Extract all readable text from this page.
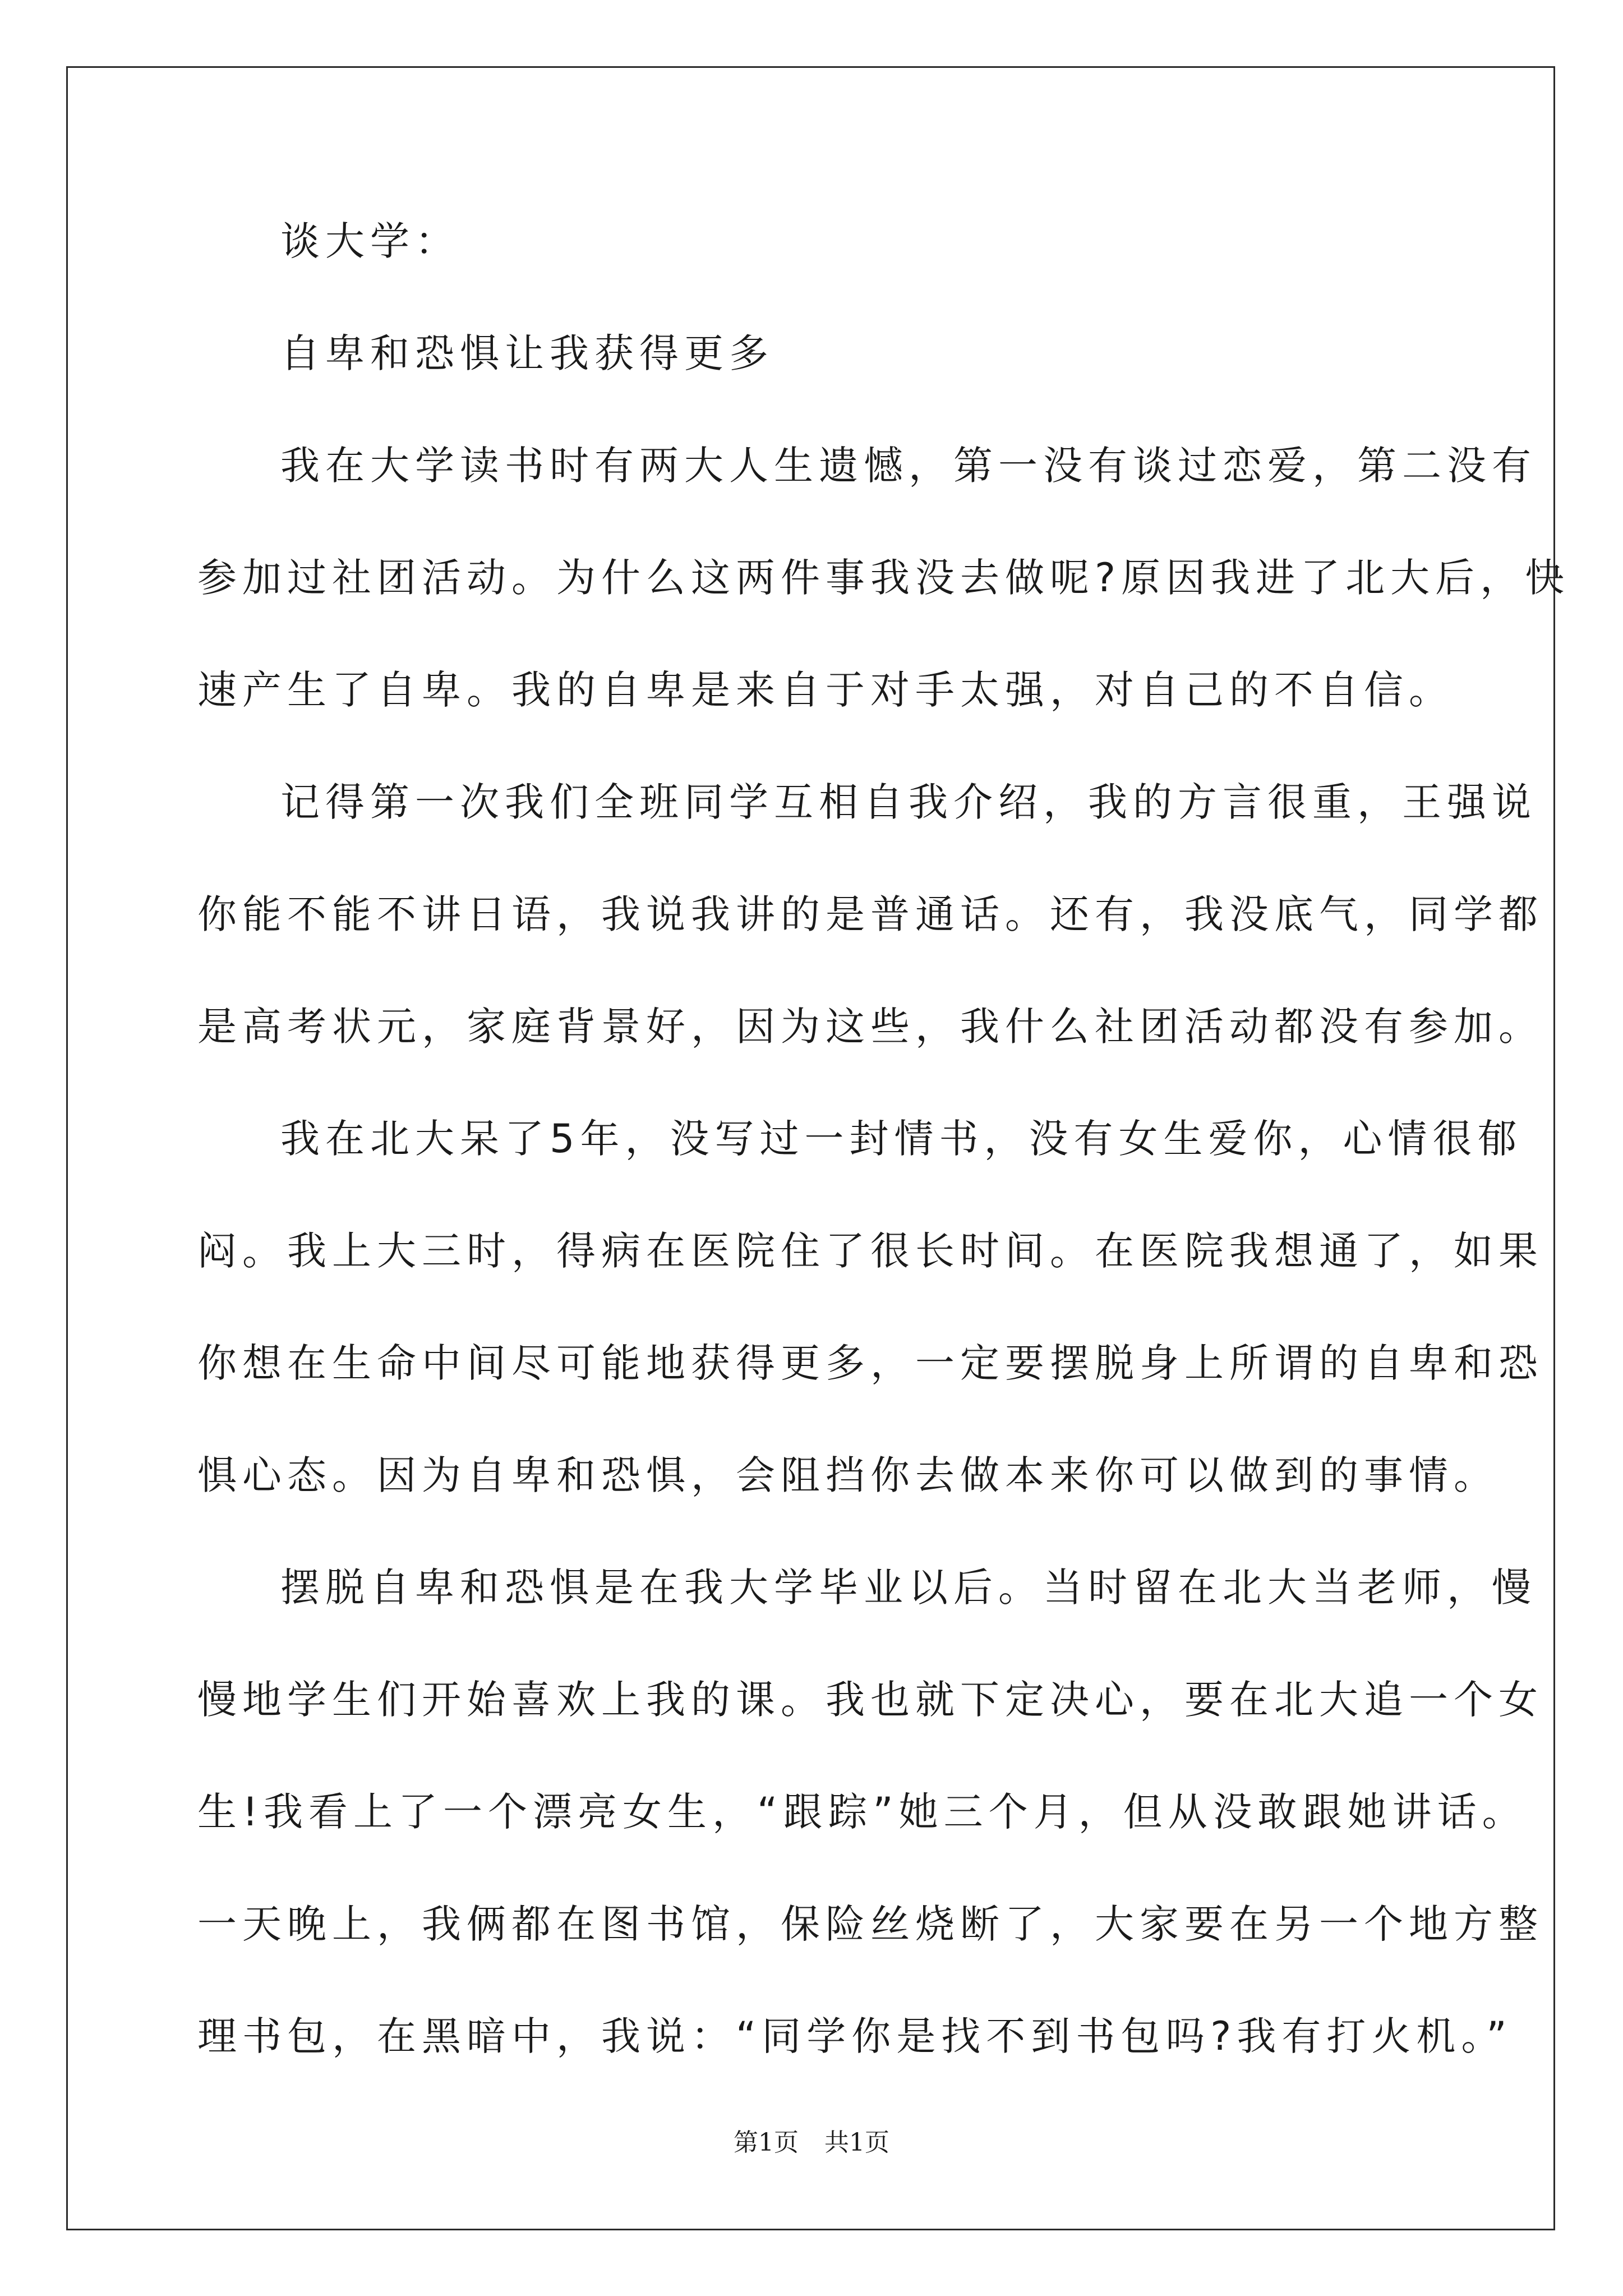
谈大学：
自卑和恐惧让我获得更多
我在大学读书时有两大人生遗憾，第一没有谈过恋爱，第二没有
参加过社团活动。为什么这两件事我没去做呢?原因我进了北大后，快
速产生了自卑。我的自卑是来自于对手太强，对自己的不自信。
记得第一次我们全班同学互相自我介绍，我的方言很重，王强说
你能不能不讲日语，我说我讲的是普通话。还有，我没底气，同学都
是高考状元，家庭背景好，因为这些，我什么社团活动都没有参加。
我在北大呆了5年，没写过一封情书，没有女生爱你，心情很郁
闷。我上大三时，得病在医院住了很长时间。在医院我想通了，如果
你想在生命中间尽可能地获得更多，一定要摆脱身上所谓的自卑和恐
惧心态。因为自卑和恐惧，会阻挡你去做本来你可以做到的事情。
摆脱自卑和恐惧是在我大学毕业以后。当时留在北大当老师，慢
慢地学生们开始喜欢上我的课。我也就下定决心，要在北大追一个女
生!我看上了一个漂亮女生，“跟踪”她三个月，但从没敢跟她讲话。
一天晚上，我俩都在图书馆，保险丝烧断了，大家要在另一个地方整
理书包，在黑暗中，我说：“同学你是找不到书包吗?我有打火机。”
第1页 共1页
